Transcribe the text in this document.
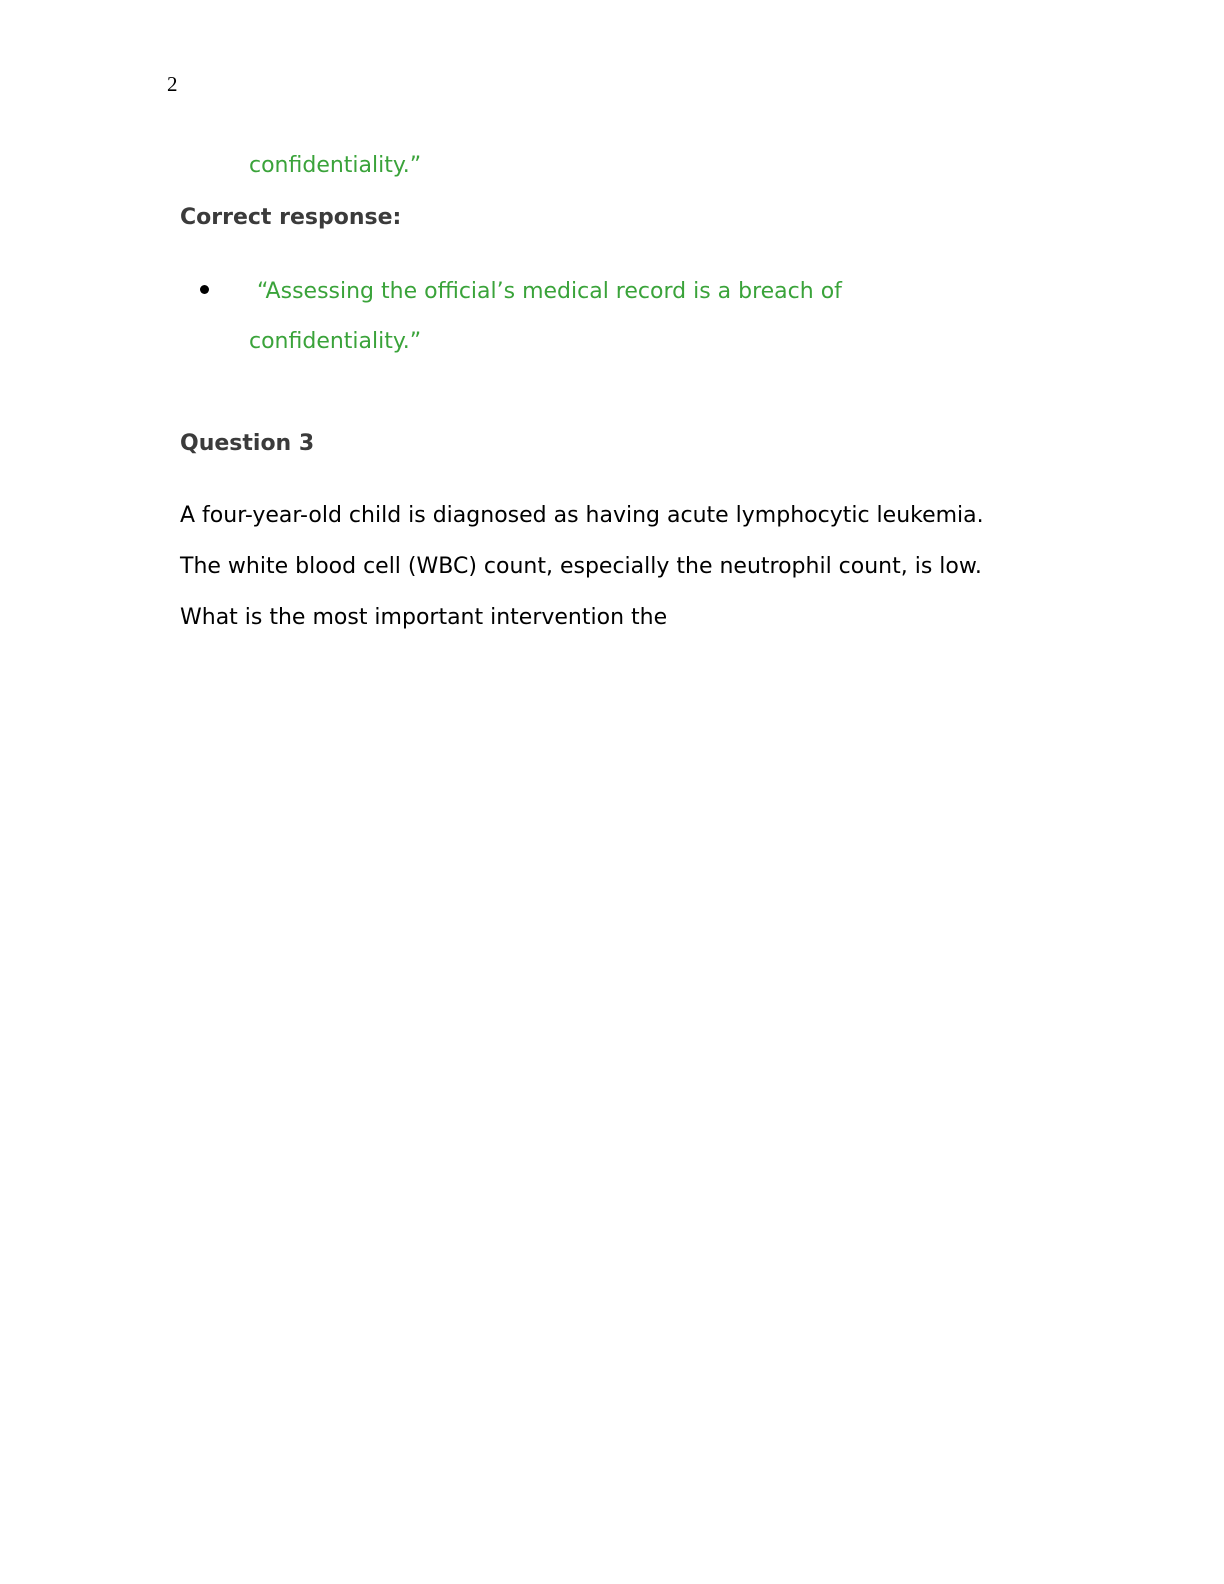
2
confidentiality.”
Correct response:
“Assessing the official’s medical record is a breach of
confidentiality.”
Question 3
A four-year-old child is diagnosed as having acute lymphocytic leukemia.
The white blood cell (WBC) count, especially the neutrophil count, is low.
What is the most important intervention the
